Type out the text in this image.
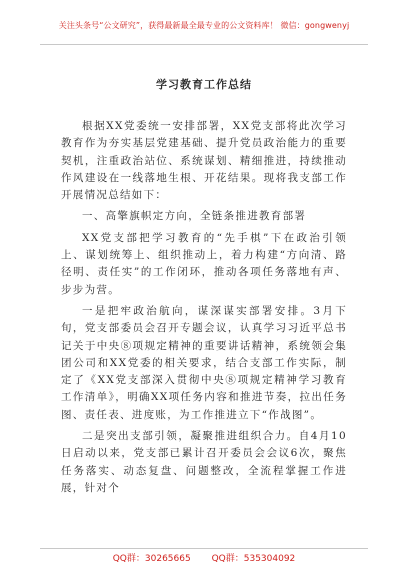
关注头条号“公文研究”，获得最新最全最专业的公文资料库！ 微信：gongwenyj
学习教育工作总结

根据XX党委统一安排部署，XX党支部将此次学习教育作为夯实基层党建基础、提升党员政治能力的重要契机，注重政治站位、系统谋划、精细推进，持续推动作风建设在一线落地生根、开花结果。现将我支部工作开展情况总结如下：

一、高擎旗帜定方向，全链条推进教育部署

XX党支部把学习教育的“先手棋”下在政治引领上、谋划统筹上、组织推动上，着力构建“方向清、路径明、责任实”的工作闭环，推动各项任务落地有声、步步为营。

一是把牢政治航向，谋深谋实部署安排。3月下旬，党支部委员会召开专题会议，认真学习习近平总书记关于中央⑧项规定精神的重要讲话精神，系统领会集团公司和XX党委的相关要求，结合支部工作实际，制定了《XX党支部深入贯彻中央⑧项规定精神学习教育工作清单》，明确XX项任务内容和推进节奏，拉出任务图、责任表、进度账，为工作推进立下“作战图”。

二是突出支部引领，凝聚推进组织合力。自4月10日启动以来，党支部已累计召开委员会会议6次，聚焦任务落实、动态复盘、问题整改，全流程掌握工作进展，针对个

QQ群：30265665 QQ群：535304092
